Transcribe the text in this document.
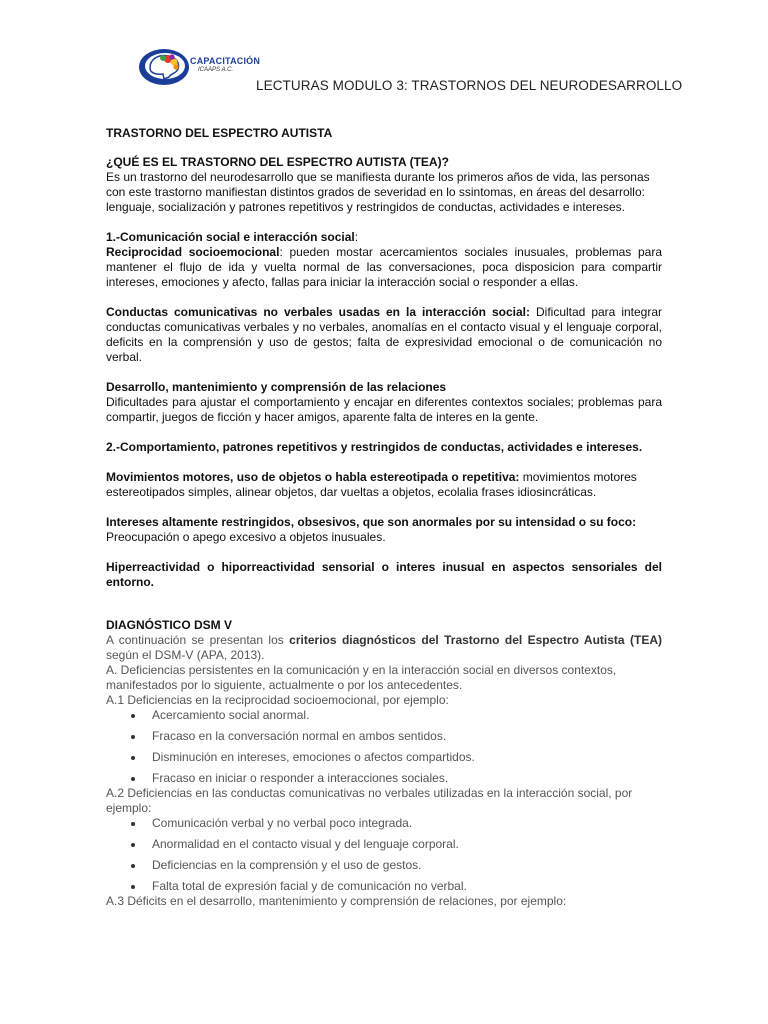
CAPACITACIÓN
ICAAPS A.C.
LECTURAS MODULO 3: TRASTORNOS DEL NEURODESARROLLO

TRASTORNO DEL ESPECTRO AUTISTA

¿QUÉ ES EL TRASTORNO DEL ESPECTRO AUTISTA (TEA)?

Es un trastorno del neurodesarrollo que se manifiesta durante los primeros años de vida, las personas con este trastorno manifiestan distintos grados de severidad en lo ssintomas, en áreas del desarrollo: lenguaje, socialización y patrones repetitivos y restringidos de conductas, actividades e intereses.

1.-Comunicación social e interacción social:

Reciprocidad socioemocional: pueden mostar acercamientos sociales inusuales, problemas para mantener el flujo de ida y vuelta normal de las conversaciones, poca disposicion para compartir intereses, emociones y afecto, fallas para iniciar la interacción social o responder a ellas.

Conductas comunicativas no verbales usadas en la interacción social: Dificultad para integrar conductas comunicativas verbales y no verbales, anomalías en el contacto visual y el lenguaje corporal, deficits en la comprensión y uso de gestos; falta de expresividad emocional o de comunicación no verbal.

Desarrollo, mantenimiento y comprensión de las relaciones

Dificultades para ajustar el comportamiento y encajar en diferentes contextos sociales; problemas para compartir, juegos de ficción y hacer amigos, aparente falta de interes en la gente.

2.-Comportamiento, patrones repetitivos y restringidos de conductas, actividades e intereses.

Movimientos motores, uso de objetos o habla estereotipada o repetitiva: movimientos motores estereotipados simples, alinear objetos, dar vueltas a objetos, ecolalia frases idiosincráticas.

Intereses altamente restringidos, obsesivos, que son anormales por su intensidad o su foco:

Preocupación o apego excesivo a objetos inusuales.

Hiperreactividad o hiporreactividad sensorial o interes inusual en aspectos sensoriales del entorno.

DIAGNÓSTICO DSM V

A continuación se presentan los criterios diagnósticos del Trastorno del Espectro Autista (TEA) según el DSM-V (APA, 2013).

A. Deficiencias persistentes en la comunicación y en la interacción social en diversos contextos, manifestados por lo siguiente, actualmente o por los antecedentes.

A.1 Deficiencias en la reciprocidad socioemocional, por ejemplo:

Acercamiento social anormal.
Fracaso en la conversación normal en ambos sentidos.
Disminución en intereses, emociones o afectos compartidos.
Fracaso en iniciar o responder a interacciones sociales.

A.2 Deficiencias en las conductas comunicativas no verbales utilizadas en la interacción social, por ejemplo:

Comunicación verbal y no verbal poco integrada.
Anormalidad en el contacto visual y del lenguaje corporal.
Deficiencias en la comprensión y el uso de gestos.
Falta total de expresión facial y de comunicación no verbal.

A.3 Déficits en el desarrollo, mantenimiento y comprensión de relaciones, por ejemplo:
